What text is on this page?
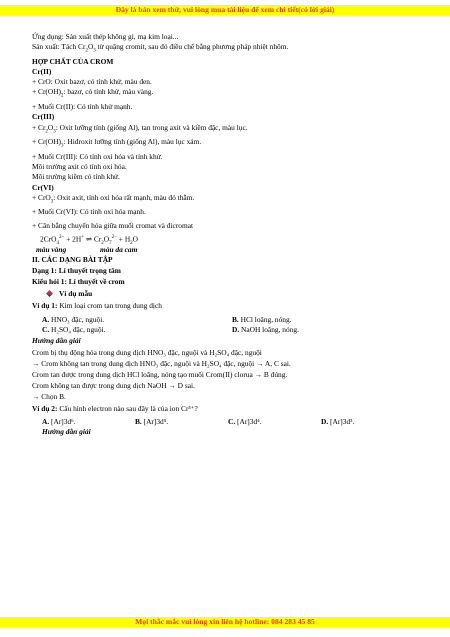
Đây là bản xem thử, vui lòng mua tài liệu để xem chi tiết(có lời giải)

Ứng dụng: Sản xuất thép không gỉ, mạ kim loại...

Sản xuất: Tách $Cr_2O_3$ từ quặng cromit, sau đó điều chế bằng phương pháp nhiệt nhôm.

HỢP CHẤT CỦA CROM

Cr(II)

+ CrO: Oxit bazơ, có tính khử, màu đen.

+ $Cr(OH)_2$: bazơ, có tính khử, màu vàng.

+ Muối Cr(II): Có tính khử mạnh.

Cr(III)

+ $Cr_2O_3$: Oxit lưỡng tính (giống Al), tan trong axit và kiềm đặc, màu lục.

+ $Cr(OH)_3$: Hiđroxit lưỡng tính (giống Al), màu lục xám.

+ Muối Cr(III): Có tính oxi hóa và tính khử.

Môi trường axit có tính oxi hóa.

Môi trường kiềm có tính khử.

Cr(VI)

+ CrO$_3$: Oxit axit, tính oxi hóa rất mạnh, màu đỏ thẫm.

+ Muối Cr(VI): Có tính oxi hóa mạnh.

+ Cân bằng chuyển hóa giữa muối cromat và đicromat

2CrO$_4^{2-}$ + 2H+ ⇌ $Cr_2O_7^{2-} + H_2O$

màu vàng	màu da cam

II. CÁC DẠNG BÀI TẬP

Dạng 1: Lí thuyết trọng tâm

Kiểu hỏi 1: Lí thuyết về crom

Ví dụ mẫu

Ví dụ 1: Kim loại crom tan trong dung dịch

A. HNO₃ đặc, nguội.	B. HCl loãng, nóng.
C. H₂SO₄ đặc, nguội.	D. NaOH loãng, nóng.

Hướng dẫn giải

Crom bị thụ động hóa trong dung dịch HNO₃ đặc, nguội và H₂SO₄ đặc, nguội

→ Crom không tan trong dung dịch HNO₃ đặc, nguội và H₂SO₄ đặc, nguội → A, C sai.

Crom tan được trong dung dịch HCl loãng, nóng tạo muối Crom(II) clorua → B đúng.

Crom không tan được trong dung dịch NaOH → D sai.

→ Chọn B.

Ví dụ 2: Cấu hình electron nào sau đây là của ion Cr³⁺?

A. [Ar]3d⁶.	B. [Ar]3d⁵.	C. [Ar]3d⁴.	D. [Ar]3d³.

Hướng dẫn giải

Mọi thắc mắc vui lòng xin liên hệ hotline: 084 283 45 85
